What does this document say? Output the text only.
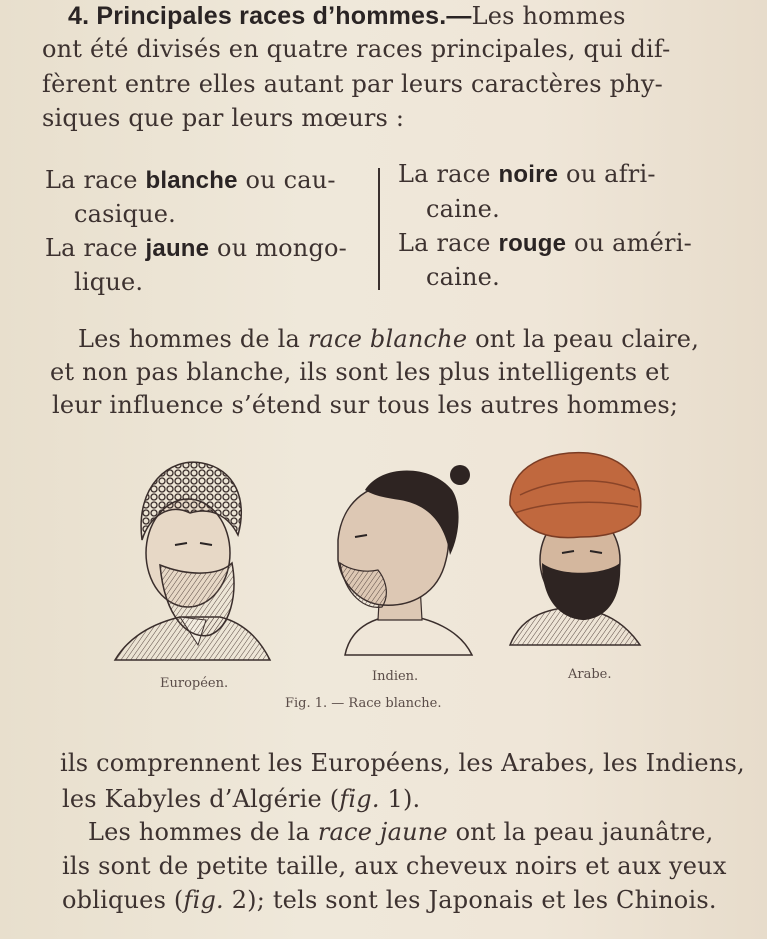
4. Principales races d’hommes.—Les hommes
ont été divisés en quatre races principales, qui dif-
fèrent entre elles autant par leurs caractères phy-
siques que par leurs mœurs :
La race blanche ou cau-
casique.
La race jaune ou mongo-
lique.
La race noire ou afri-
caine.
La race rouge ou améri-
caine.
Les hommes de la race blanche ont la peau claire,
et non pas blanche, ils sont les plus intelligents et
leur influence s’étend sur tous les autres hommes;
Européen.	Indien.	Arabe.
Fig. 1. — Race blanche.
ils comprennent les Européens, les Arabes, les Indiens,
les Kabyles d’Algérie (fig. 1).
Les hommes de la race jaune ont la peau jaunâtre,
ils sont de petite taille, aux cheveux noirs et aux yeux
obliques (fig. 2); tels sont les Japonais et les Chinois.
